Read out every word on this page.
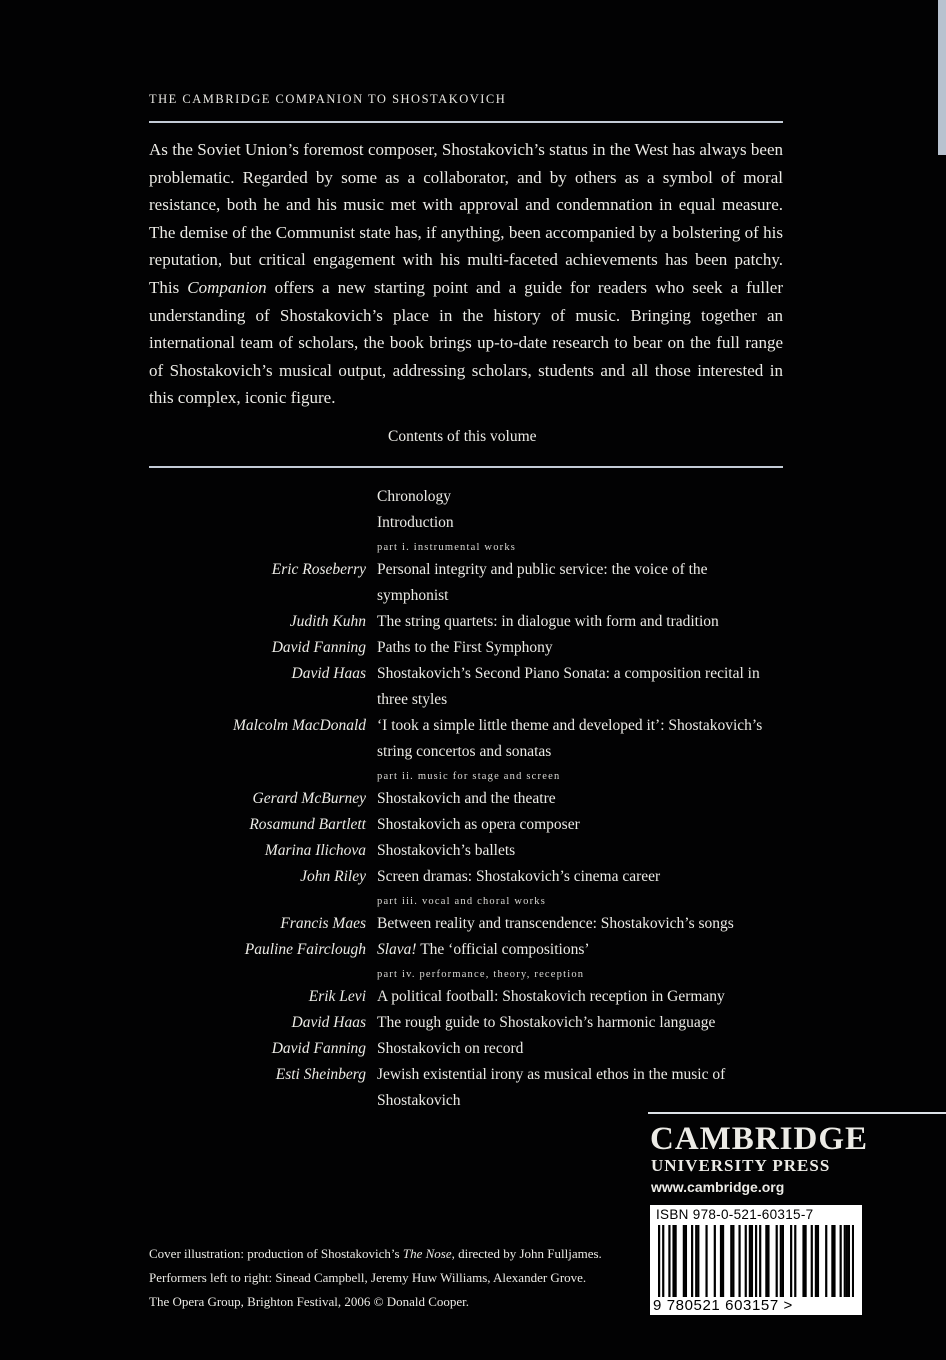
THE CAMBRIDGE COMPANION TO SHOSTAKOVICH

As the Soviet Union’s foremost composer, Shostakovich’s status in the West has always been problematic. Regarded by some as a collaborator, and by others as a symbol of moral resistance, both he and his music met with approval and condemnation in equal measure. The demise of the Communist state has, if anything, been accompanied by a bolstering of his reputation, but critical engagement with his multi-faceted achievements has been patchy. This Companion offers a new starting point and a guide for readers who seek a fuller understanding of Shostakovich’s place in the history of music. Bringing together an international team of scholars, the book brings up-to-date research to bear on the full range of Shostakovich’s musical output, addressing scholars, students and all those interested in this complex, iconic figure.

Contents of this volume
Chronology
Introduction
part i. instrumental works
Eric Roseberry Personal integrity and public service: the voice of the symphonist
Judith Kuhn The string quartets: in dialogue with form and tradition
David Fanning Paths to the First Symphony
David Haas Shostakovich’s Second Piano Sonata: a composition recital in three styles
Malcolm MacDonald ‘I took a simple little theme and developed it’: Shostakovich’s string concertos and sonatas
part ii. music for stage and screen
Gerard McBurney Shostakovich and the theatre
Rosamund Bartlett Shostakovich as opera composer
Marina Ilichova Shostakovich’s ballets
John Riley Screen dramas: Shostakovich’s cinema career
part iii. vocal and choral works
Francis Maes Between reality and transcendence: Shostakovich’s songs
Pauline Fairclough Slava! The ‘official compositions’
part iv. performance, theory, reception
Erik Levi A political football: Shostakovich reception in Germany
David Haas The rough guide to Shostakovich’s harmonic language
David Fanning Shostakovich on record
Esti Sheinberg Jewish existential irony as musical ethos in the music of Shostakovich

Cover illustration: production of Shostakovich’s The Nose, directed by John Fulljames. Performers left to right: Sinead Campbell, Jeremy Huw Williams, Alexander Grove. The Opera Group, Brighton Festival, 2006 © Donald Cooper.

CAMBRIDGE
UNIVERSITY PRESS
www.cambridge.org
ISBN 978-0-521-60315-7
9 780521 603157 >
